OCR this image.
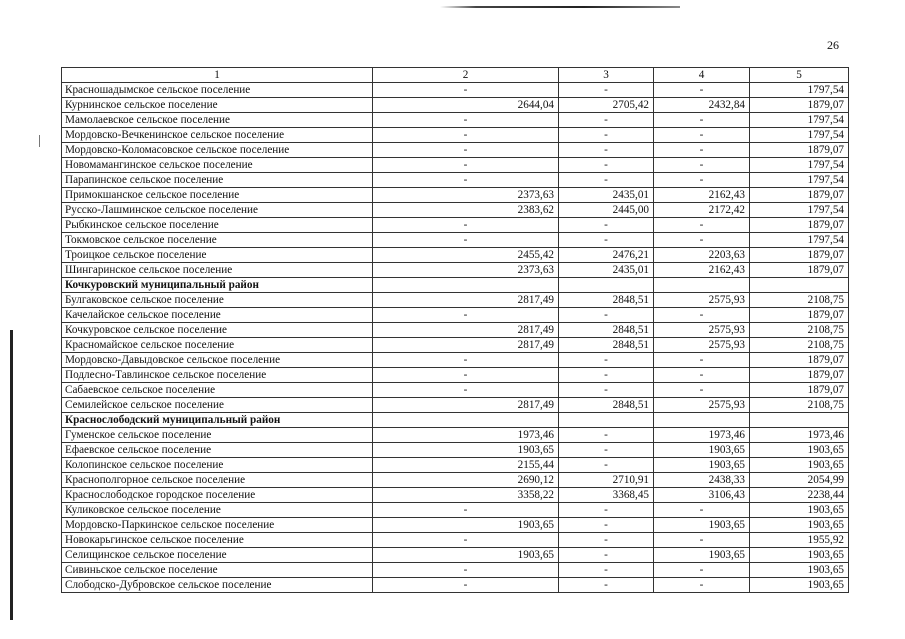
26
1	2	3	4	5
Красношадымское сельское поселение	-	-	-	1797,54
Курнинское сельское поселение	2644,04	2705,42	2432,84	1879,07
Мамолаевское сельское поселение	-	-	-	1797,54
Мордовско-Вечкенинское сельское поселение	-	-	-	1797,54
Мордовско-Коломасовское сельское поселение	-	-	-	1879,07
Новомамангинское сельское поселение	-	-	-	1797,54
Парапинское сельское поселение	-	-	-	1797,54
Примокшанское сельское поселение	2373,63	2435,01	2162,43	1879,07
Русско-Лашминское сельское поселение	2383,62	2445,00	2172,42	1797,54
Рыбкинское сельское поселение	-	-	-	1879,07
Токмовское сельское поселение	-	-	-	1797,54
Троицкое сельское поселение	2455,42	2476,21	2203,63	1879,07
Шингаринское сельское поселение	2373,63	2435,01	2162,43	1879,07
Кочкуровский муниципальный район				
Булгаковское сельское поселение	2817,49	2848,51	2575,93	2108,75
Качелайское сельское поселение	-	-	-	1879,07
Кочкуровское сельское поселение	2817,49	2848,51	2575,93	2108,75
Красномайское сельское поселение	2817,49	2848,51	2575,93	2108,75
Мордовско-Давыдовское сельское поселение	-	-	-	1879,07
Подлесно-Тавлинское сельское поселение	-	-	-	1879,07
Сабаевское сельское поселение	-	-	-	1879,07
Семилейское сельское поселение	2817,49	2848,51	2575,93	2108,75
Краснослободский муниципальный район				
Гуменское сельское поселение	1973,46	-	1973,46	1973,46
Ефаевское сельское поселение	1903,65	-	1903,65	1903,65
Колопинское сельское поселение	2155,44	-	1903,65	1903,65
Краснополгорное сельское поселение	2690,12	2710,91	2438,33	2054,99
Краснослободское городское поселение	3358,22	3368,45	3106,43	2238,44
Куликовское сельское поселение	-	-	-	1903,65
Мордовско-Паркинское сельское поселение	1903,65	-	1903,65	1903,65
Новокарьгинское сельское поселение	-	-	-	1955,92
Селищинское сельское поселение	1903,65	-	1903,65	1903,65
Сивиньское сельское поселение	-	-	-	1903,65
Слободско-Дубровское сельское поселение	-	-	-	1903,65
